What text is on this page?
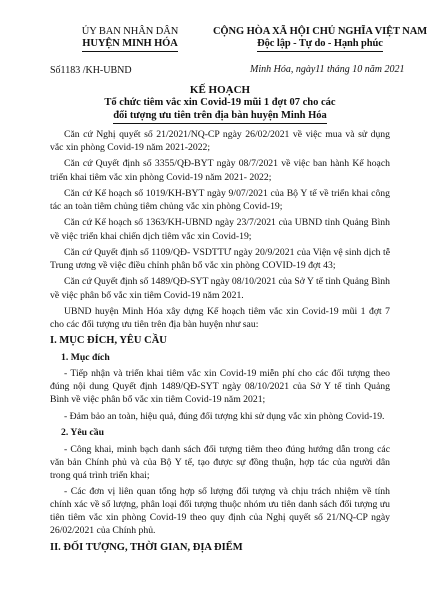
ỦY BAN NHÂN DÂN
HUYỆN MINH HÓA
CỘNG HÒA XÃ HỘI CHỦ NGHĨA VIỆT NAM
Độc lập - Tự do - Hạnh phúc
Số1183 /KH-UBND	Minh Hóa, ngày11 tháng 10 năm 2021
KẾ HOẠCH
Tổ chức tiêm vắc xin Covid-19 mũi 1 đợt 07 cho các
đối tượng ưu tiên trên địa bàn huyện Minh Hóa

Căn cứ Nghị quyết số 21/2021/NQ-CP ngày 26/02/2021 về việc mua và sử dụng vắc xin phòng Covid-19 năm 2021-2022;

Căn cứ Quyết định số 3355/QĐ-BYT ngày 08/7/2021 về việc ban hành Kế hoạch triển khai tiêm vắc xin phòng Covid-19 năm 2021- 2022;

Căn cứ Kế hoạch số 1019/KH-BYT ngày 9/07/2021 của Bộ Y tế về triển khai công tác an toàn tiêm chủng tiêm chủng vắc xin phòng Covid-19;

Căn cứ Kế hoạch số 1363/KH-UBND ngày 23/7/2021 của UBND tỉnh Quảng Bình về việc triển khai chiến dịch tiêm vắc xin Covid-19;

Căn cứ Quyết định số 1109/QĐ- VSDTTƯ ngày 20/9/2021 của Viện vệ sinh dịch tễ Trung ương về việc điều chỉnh phân bổ vắc xin phòng COVID-19 đợt 43;

Căn cứ Quyết định số 1489/QĐ-SYT ngày 08/10/2021 của Sở Y tế tỉnh Quảng Bình về việc phân bổ vắc xin tiêm Covid-19 năm 2021.

UBND huyện Minh Hóa xây dựng Kế hoạch tiêm vắc xin Covid-19 mũi 1 đợt 7 cho các đối tượng ưu tiên trên địa bàn huyện như sau:

I. MỤC ĐÍCH, YÊU CẦU

1. Mục đích

- Tiếp nhận và triển khai tiêm vắc xin Covid-19 miễn phí cho các đối tượng theo đúng nội dung Quyết định 1489/QĐ-SYT ngày 08/10/2021 của Sở Y tế tỉnh Quảng Bình về việc phân bổ vắc xin tiêm Covid-19 năm 2021;

- Đảm bảo an toàn, hiệu quả, đúng đối tượng khi sử dụng vắc xin phòng Covid-19.

2. Yêu cầu

- Công khai, minh bạch danh sách đối tượng tiêm theo đúng hướng dẫn trong các văn bản Chính phủ và của Bộ Y tế, tạo được sự đồng thuận, hợp tác của người dân trong quá trình triển khai;

- Các đơn vị liên quan tổng hợp số lượng đối tượng và chịu trách nhiệm về tính chính xác về số lượng, phân loại đối tượng thuộc nhóm ưu tiên danh sách đối tượng ưu tiên tiêm vắc xin phòng Covid-19 theo quy định của Nghị quyết số 21/NQ-CP ngày 26/02/2021 của Chính phủ.

II. ĐỐI TƯỢNG, THỜI GIAN, ĐỊA ĐIỂM
